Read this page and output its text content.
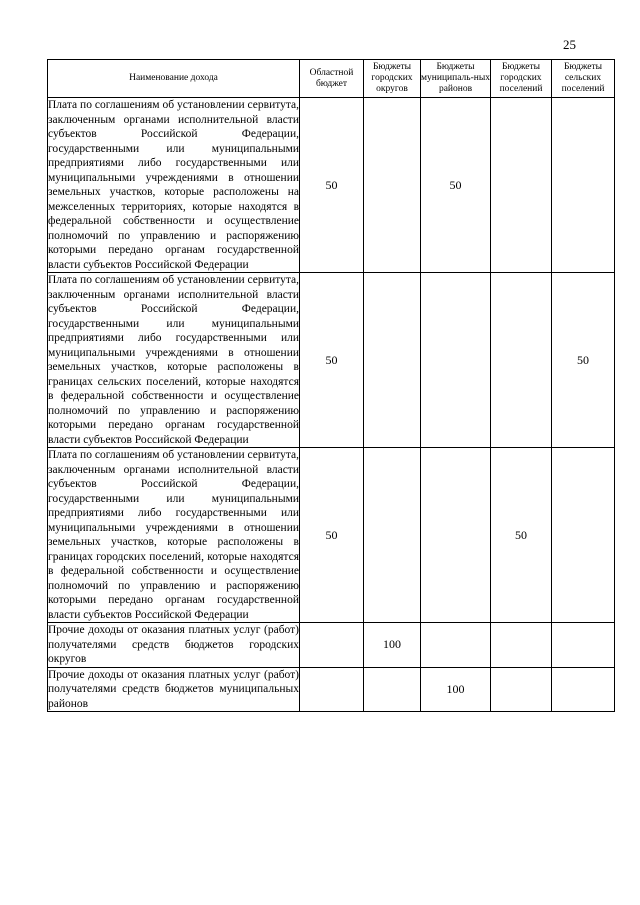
25
Наименование дохода	Областной бюджет	Бюджеты городских округов	Бюджеты муниципаль-ных районов	Бюджеты городских поселений	Бюджеты сельских поселений
Плата по соглашениям об установлении сервитута, заключенным органами исполнительной власти субъектов Российской Федерации, государственными или муниципальными предприятиями либо государственными или муниципальными учреждениями в отношении земельных участков, которые расположены на межселенных территориях, которые находятся в федеральной собственности и осуществление полномочий по управлению и распоряжению которыми передано органам государственной власти субъектов Российской Федерации	50		50		
Плата по соглашениям об установлении сервитута, заключенным органами исполнительной власти субъектов Российской Федерации, государственными или муниципальными предприятиями либо государственными или муниципальными учреждениями в отношении земельных участков, которые расположены в границах сельских поселений, которые находятся в федеральной собственности и осуществление полномочий по управлению и распоряжению которыми передано органам государственной власти субъектов Российской Федерации	50				50
Плата по соглашениям об установлении сервитута, заключенным органами исполнительной власти субъектов Российской Федерации, государственными или муниципальными предприятиями либо государственными или муниципальными учреждениями в отношении земельных участков, которые расположены в границах городских поселений, которые находятся в федеральной собственности и осуществление полномочий по управлению и распоряжению которыми передано органам государственной власти субъектов Российской Федерации	50			50	
Прочие доходы от оказания платных услуг (работ) получателями средств бюджетов городских округов		100			
Прочие доходы от оказания платных услуг (работ) получателями средств бюджетов муниципальных районов			100		
